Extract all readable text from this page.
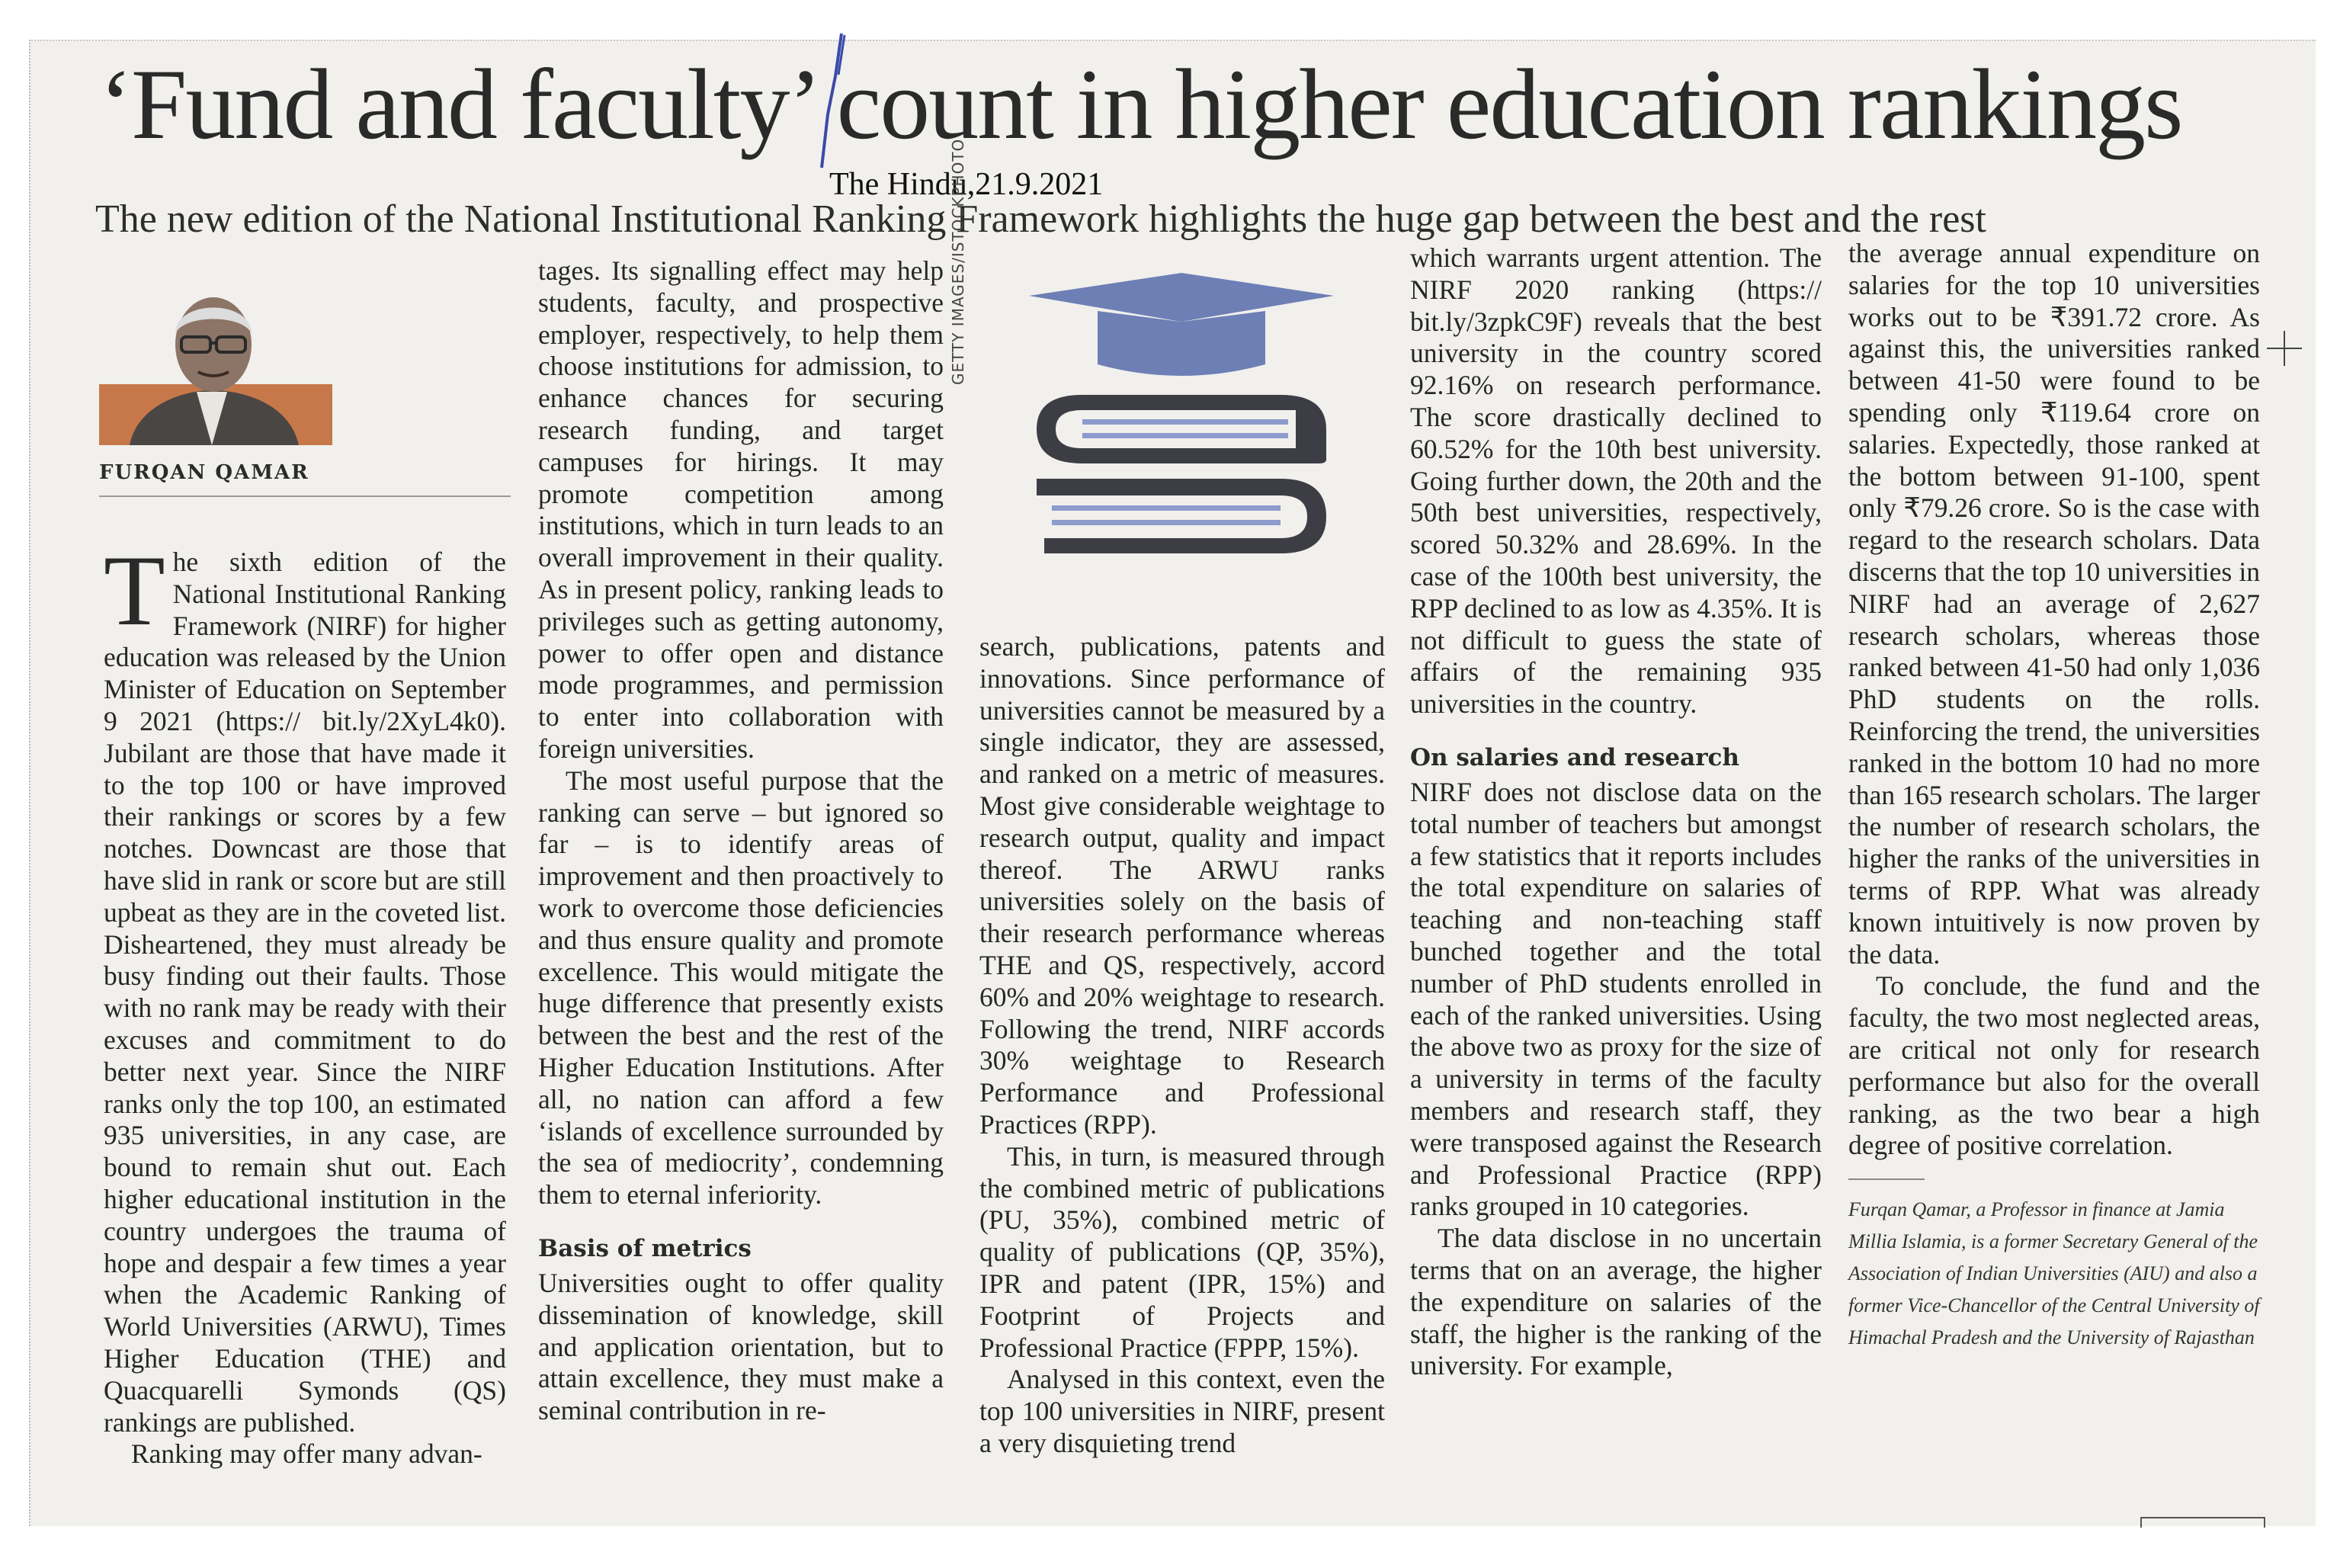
‘Fund and faculty’ count in higher education rankings
The Hindu,21.9.2021
The new edition of the National Institutional Ranking Framework highlights the huge gap between the best and the rest
FURQAN QAMAR

The sixth edition of the National Institutional Ranking Framework (NIRF) for higher education was released by the Union Minister of Education on September 9 2021 (https:// bit.ly/2XyL4k0). Jubilant are those that have made it to the top 100 or have improved their rankings or scores by a few notches. Downcast are those that have slid in rank or score but are still upbeat as they are in the coveted list. Disheartened, they must already be busy finding out their faults. Those with no rank may be ready with their excuses and commitment to do better next year. Since the NIRF ranks only the top 100, an estimated 935 universities, in any case, are bound to remain shut out. Each higher educational institution in the country undergoes the trauma of hope and despair a few times a year when the Academic Ranking of World Universities (ARWU), Times Higher Education (THE) and Quacquarelli Symonds (QS) rankings are published.

Ranking may offer many advan-

tages. Its signalling effect may help students, faculty, and prospective employer, respectively, to help them choose institutions for admission, to enhance chances for securing research funding, and target campuses for hirings. It may promote competition among institutions, which in turn leads to an overall improvement in their quality. As in present policy, ranking leads to privileges such as getting autonomy, power to offer open and distance mode programmes, and permission to enter into collaboration with foreign universities.

The most useful purpose that the ranking can serve – but ignored so far – is to identify areas of improvement and then proactively to work to overcome those deficiencies and thus ensure quality and promote excellence. This would mitigate the huge difference that presently exists between the best and the rest of the Higher Education Institutions. After all, no nation can afford a few ‘islands of excellence surrounded by the sea of mediocrity’, condemning them to eternal inferiority.

Basis of metrics

Universities ought to offer quality dissemination of knowledge, skill and application orientation, but to attain excellence, they must make a seminal contribution in re-

GETTY IMAGES/ISTOCKPHOTO

search, publications, patents and innovations. Since performance of universities cannot be measured by a single indicator, they are assessed, and ranked on a metric of measures. Most give considerable weightage to research output, quality and impact thereof. The ARWU ranks universities solely on the basis of their research performance whereas THE and QS, respectively, accord 60% and 20% weightage to research. Following the trend, NIRF accords 30% weightage to Research Performance and Professional Practices (RPP).

This, in turn, is measured through the combined metric of publications (PU, 35%), combined metric of quality of publications (QP, 35%), IPR and patent (IPR, 15%) and Footprint of Projects and Professional Practice (FPPP, 15%).

Analysed in this context, even the top 100 universities in NIRF, present a very disquieting trend

which warrants urgent attention. The NIRF 2020 ranking (https:// bit.ly/3zpkC9F) reveals that the best university in the country scored 92.16% on research performance. The score drastically declined to 60.52% for the 10th best university. Going further down, the 20th and the 50th best universities, respectively, scored 50.32% and 28.69%. In the case of the 100th best university, the RPP declined to as low as 4.35%. It is not difficult to guess the state of affairs of the remaining 935 universities in the country.

On salaries and research

NIRF does not disclose data on the total number of teachers but amongst a few statistics that it reports includes the total expenditure on salaries of teaching and non-teaching staff bunched together and the total number of PhD students enrolled in each of the ranked universities. Using the above two as proxy for the size of a university in terms of the faculty members and research staff, they were transposed against the Research and Professional Practice (RPP) ranks grouped in 10 categories.

The data disclose in no uncertain terms that on an average, the higher the expenditure on salaries of the staff, the higher is the ranking of the university. For example,

the average annual expenditure on salaries for the top 10 universities works out to be ₹391.72 crore. As against this, the universities ranked between 41-50 were found to be spending only ₹119.64 crore on salaries. Expectedly, those ranked at the bottom between 91-100, spent only ₹79.26 crore. So is the case with regard to the research scholars. Data discerns that the top 10 universities in NIRF had an average of 2,627 research scholars, whereas those ranked between 41-50 had only 1,036 PhD students on the rolls. Reinforcing the trend, the universities ranked in the bottom 10 had no more than 165 research scholars. The larger the number of research scholars, the higher the ranks of the universities in terms of RPP. What was already known intuitively is now proven by the data.

To conclude, the fund and the faculty, the two most neglected areas, are critical not only for research performance but also for the overall ranking, as the two bear a high degree of positive correlation.

Furqan Qamar, a Professor in finance at Jamia Millia Islamia, is a former Secretary General of the Association of Indian Universities (AIU) and also a former Vice-Chancellor of the Central University of Himachal Pradesh and the University of Rajasthan
